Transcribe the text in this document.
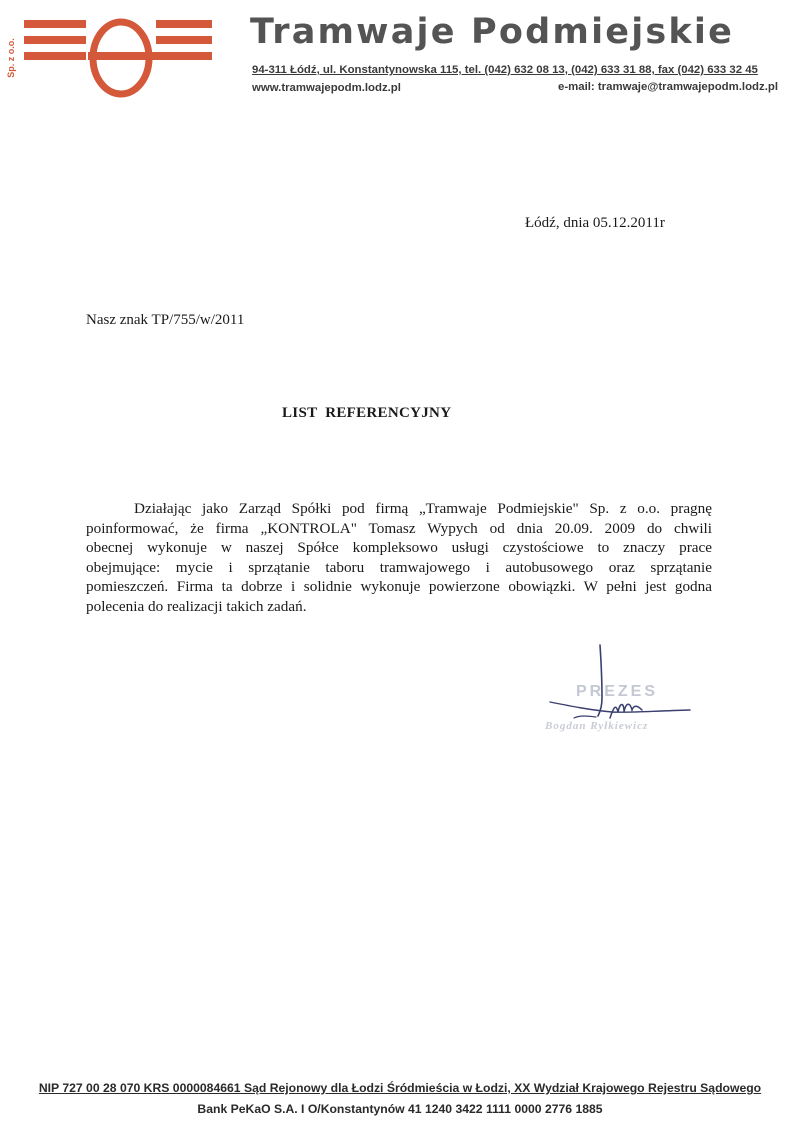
Sp. z o.o.
Tramwaje Podmiejskie
94-311 Łódź, ul. Konstantynowska 115, tel. (042) 632 08 13, (042) 633 31 88, fax (042) 633 32 45
www.tramwajepodm.lodz.pl	e-mail: tramwaje@tramwajepodm.lodz.pl
Łódź, dnia 05.12.2011r
Nasz znak TP/755/w/2011
LIST  REFERENCYJNY
Działając jako Zarząd Spółki pod firmą „Tramwaje Podmiejskie" Sp. z o.o. pragnę
poinformować, że firma „KONTROLA" Tomasz Wypych od dnia 20.09. 2009 do chwili
obecnej wykonuje w naszej Spółce kompleksowo usługi czystościowe to znaczy prace
obejmujące: mycie i sprzątanie taboru tramwajowego i autobusowego oraz sprzątanie
pomieszczeń. Firma ta dobrze i solidnie wykonuje powierzone obowiązki. W pełni jest godna
polecenia do realizacji takich zadań.
PREZES
Bogdan Ryłkiewicz
NIP 727 00 28 070 KRS 0000084661 Sąd Rejonowy dla Łodzi Śródmieścia w Łodzi, XX Wydział Krajowego Rejestru Sądowego
Bank PeKaO S.A. I O/Konstantynów 41 1240 3422 1111 0000 2776 1885
